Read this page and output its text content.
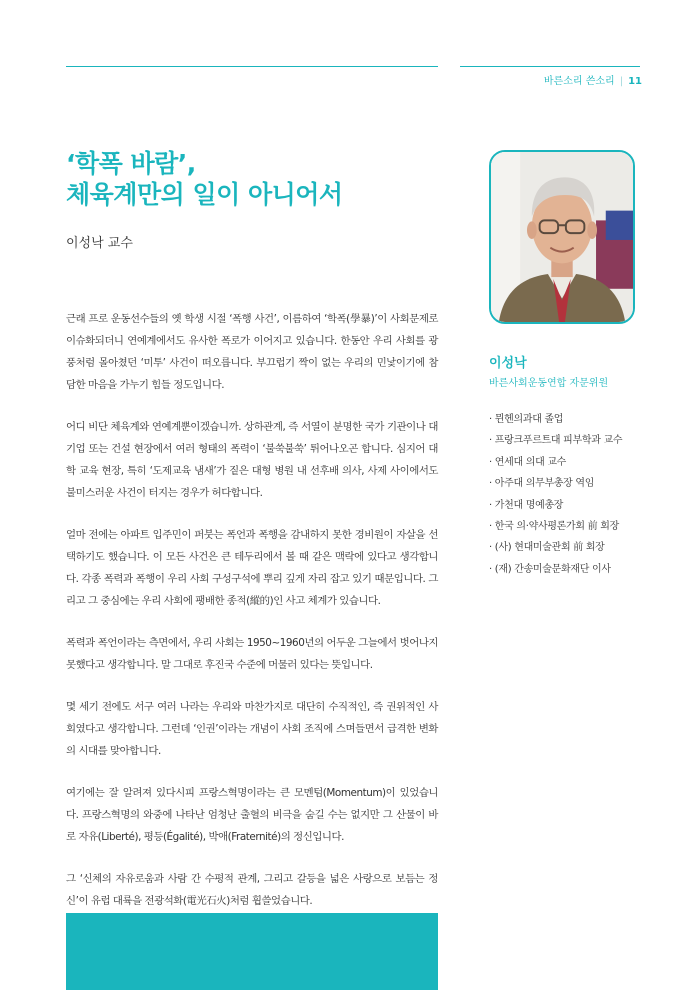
바른소리 쓴소리 | 11
‘학폭 바람’,
체육계만의 일이 아니어서
이성낙 교수

근래 프로 운동선수들의 옛 학생 시절 ‘폭행 사건’, 이름하여 ‘학폭(學暴)’이 사회문제로 이슈화되더니 연예계에서도 유사한 폭로가 이어지고 있습니다. 한동안 우리 사회를 광풍처럼 몰아쳤던 ‘미투’ 사건이 떠오릅니다. 부끄럽기 짝이 없는 우리의 민낯이기에 참담한 마음을 가누기 힘들 정도입니다.

어디 비단 체육계와 연예계뿐이겠습니까. 상하관계, 즉 서열이 분명한 국가 기관이나 대기업 또는 건설 현장에서 여러 형태의 폭력이 ‘불쑥불쑥’ 튀어나오곤 합니다. 심지어 대학 교육 현장, 특히 ‘도제교육 냄새’가 짙은 대형 병원 내 선후배 의사, 사제 사이에서도 불미스러운 사건이 터지는 경우가 허다합니다.

얼마 전에는 아파트 입주민이 퍼붓는 폭언과 폭행을 감내하지 못한 경비원이 자살을 선택하기도 했습니다. 이 모든 사건은 큰 테두리에서 볼 때 같은 맥락에 있다고 생각합니다. 각종 폭력과 폭행이 우리 사회 구성구석에 뿌리 깊게 자리 잡고 있기 때문입니다. 그리고 그 중심에는 우리 사회에 팽배한 종적(縱的)인 사고 체계가 있습니다.

폭력과 폭언이라는 측면에서, 우리 사회는 1950~1960년의 어두운 그늘에서 벗어나지 못했다고 생각합니다. 말 그대로 후진국 수준에 머물러 있다는 뜻입니다.

몇 세기 전에도 서구 여러 나라는 우리와 마찬가지로 대단히 수직적인, 즉 권위적인 사회였다고 생각합니다. 그런데 ‘인권’이라는 개념이 사회 조직에 스며들면서 급격한 변화의 시대를 맞아합니다.

여기에는 잘 알려져 있다시피 프랑스혁명이라는 큰 모멘텀(Momentum)이 있었습니다. 프랑스혁명의 와중에 나타난 엄청난 출혈의 비극을 숨길 수는 없지만 그 산물이 바로 자유(Liberté), 평등(Égalité), 박애(Fraternité)의 정신입니다.

그 ‘신체의 자유로움과 사람 간 수평적 관계, 그리고 갈등을 넓은 사랑으로 보듬는 정신’이 유럽 대륙을 전광석화(電光石火)처럼 휩쓸었습니다.

이성낙
바른사회운동연합 자문위원
· 뮌헨의과대 졸업
· 프랑크푸르트대 피부학과 교수
· 연세대 의대 교수
· 아주대 의무부총장 역임
· 가천대 명예총장
· 한국 의·약사평론가회 前 회장
· (사) 현대미술관회 前 회장
· (재) 간송미술문화재단 이사
